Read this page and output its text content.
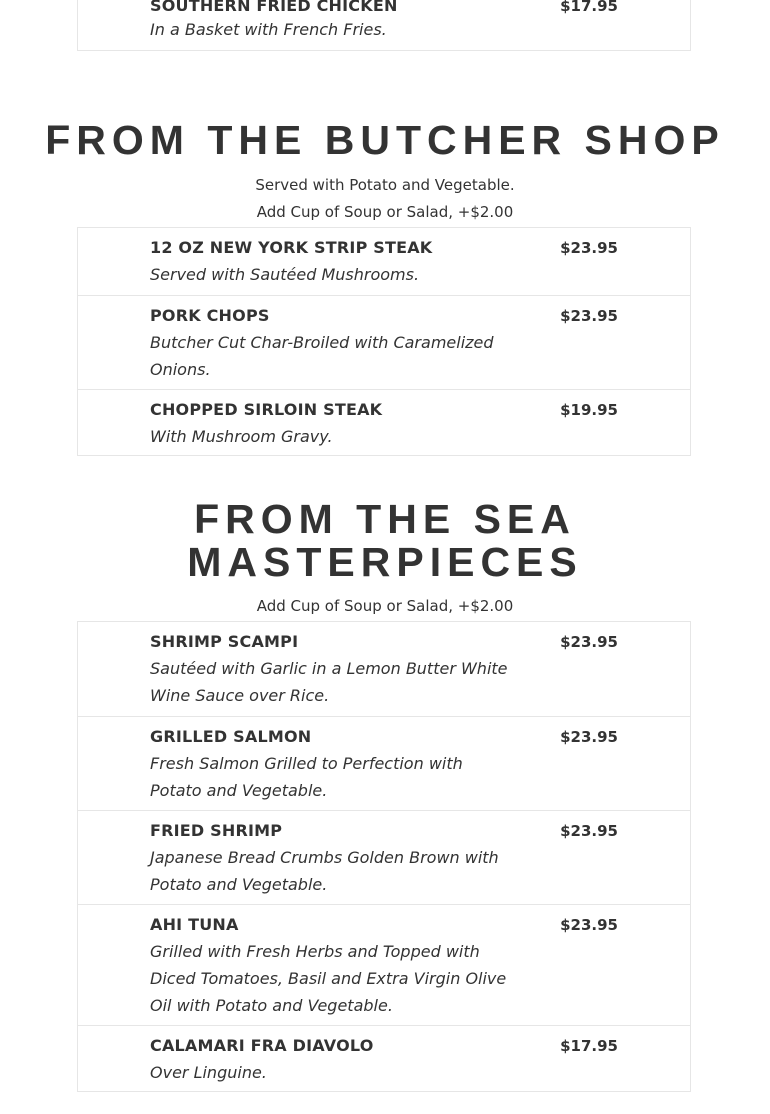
SOUTHERN FRIED CHICKEN	$17.95
In a Basket with French Fries.
FROM THE BUTCHER SHOP
Served with Potato and Vegetable.
Add Cup of Soup or Salad, +$2.00
12 OZ NEW YORK STRIP STEAK	$23.95
Served with Sautéed Mushrooms.
PORK CHOPS	$23.95
Butcher Cut Char-Broiled with Caramelized
Onions.
CHOPPED SIRLOIN STEAK	$19.95
With Mushroom Gravy.
FROM THE SEA
MASTERPIECES
Add Cup of Soup or Salad, +$2.00
SHRIMP SCAMPI	$23.95
Sautéed with Garlic in a Lemon Butter White
Wine Sauce over Rice.
GRILLED SALMON	$23.95
Fresh Salmon Grilled to Perfection with
Potato and Vegetable.
FRIED SHRIMP	$23.95
Japanese Bread Crumbs Golden Brown with
Potato and Vegetable.
AHI TUNA	$23.95
Grilled with Fresh Herbs and Topped with
Diced Tomatoes, Basil and Extra Virgin Olive
Oil with Potato and Vegetable.
CALAMARI FRA DIAVOLO	$17.95
Over Linguine.
